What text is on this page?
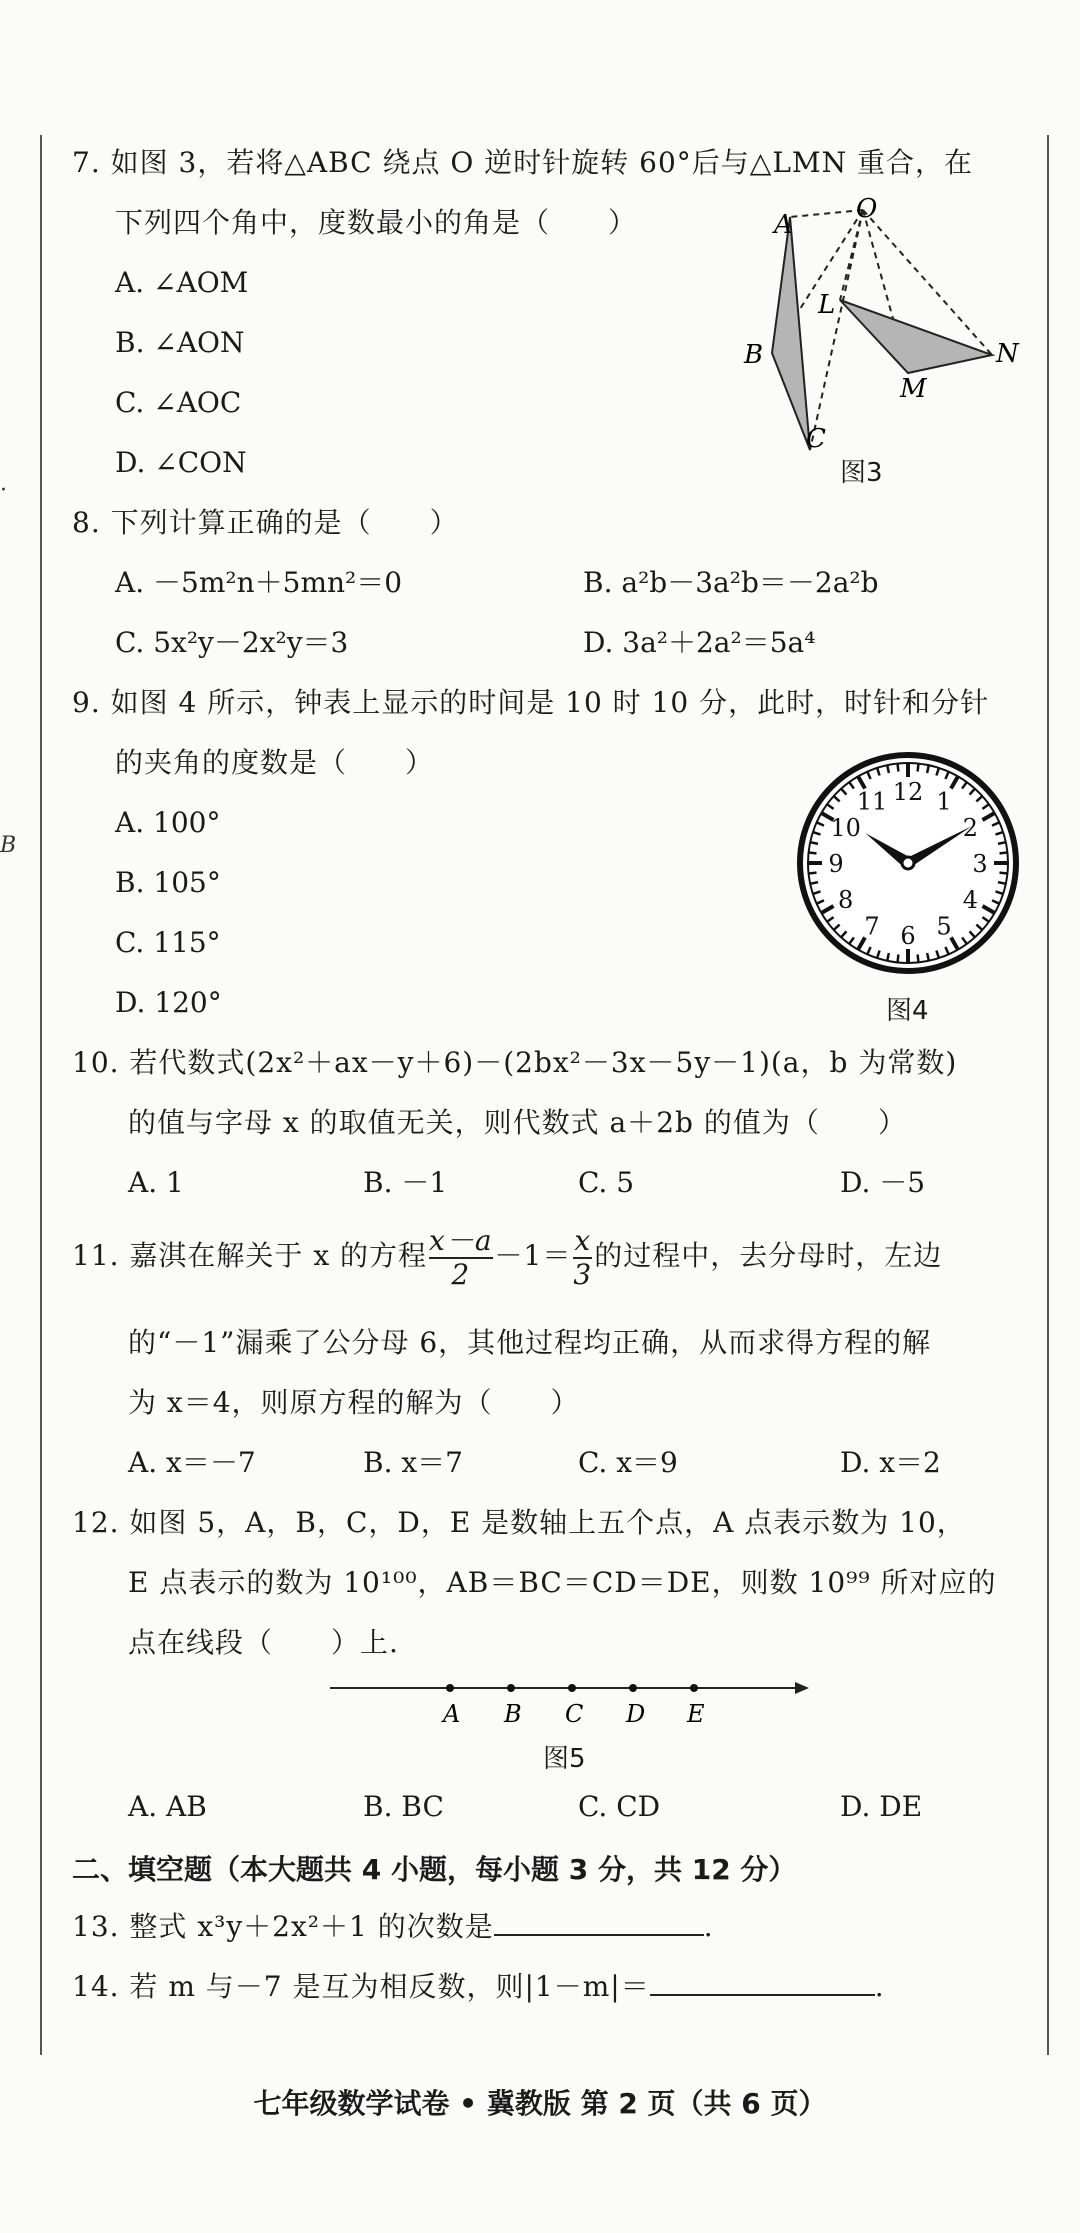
·
B
7. 如图 3，若将△ABC 绕点 O 逆时针旋转 60°后与△LMN 重合，在
下列四个角中，度数最小的角是（　　）
A. ∠AOM
B. ∠AON
C. ∠AOC
D. ∠CON
A
O
L
B
M
N
C
图3
8. 下列计算正确的是（　　）
A. －5m²n＋5mn²＝0	B. a²b－3a²b＝－2a²b
C. 5x²y－2x²y＝3	D. 3a²＋2a²＝5a⁴
9. 如图 4 所示，钟表上显示的时间是 10 时 10 分，此时，时针和分针
的夹角的度数是（　　）
A. 100°
B. 105°
C. 115°
D. 120°
12 1
2
3
4
5
6
7
8
9
10
11
图4
10. 若代数式(2x²＋ax－y＋6)－(2bx²－3x－5y－1)(a，b 为常数)
的值与字母 x 的取值无关，则代数式 a＋2b 的值为（　　）
A. 1	B. －1	C. 5	D. －5
11. 嘉淇在解关于 x 的方程 $\frac{x-a}{2} -1= \frac{x}{3}$ 的过程中，去分母时，左边
的“－1”漏乘了公分母 6，其他过程均正确，从而求得方程的解
为 x＝4，则原方程的解为（　　）
A. x＝－7	B. x＝7	C. x＝9	D. x＝2
12. 如图 5，A，B，C，D，E 是数轴上五个点，A 点表示数为 10，
E 点表示的数为 10¹⁰⁰，AB＝BC＝CD＝DE，则数 10⁹⁹ 所对应的
点在线段（　　）上.
A B C D E
图5
A. AB	B. BC	C. CD	D. DE
二、填空题（本大题共 4 小题，每小题 3 分，共 12 分）
13. 整式 x³y＋2x²＋1 的次数是	.
14. 若 m 与－7 是互为相反数，则|1－m|＝	.
七年级数学试卷 • 冀教版 第 2 页（共 6 页）
